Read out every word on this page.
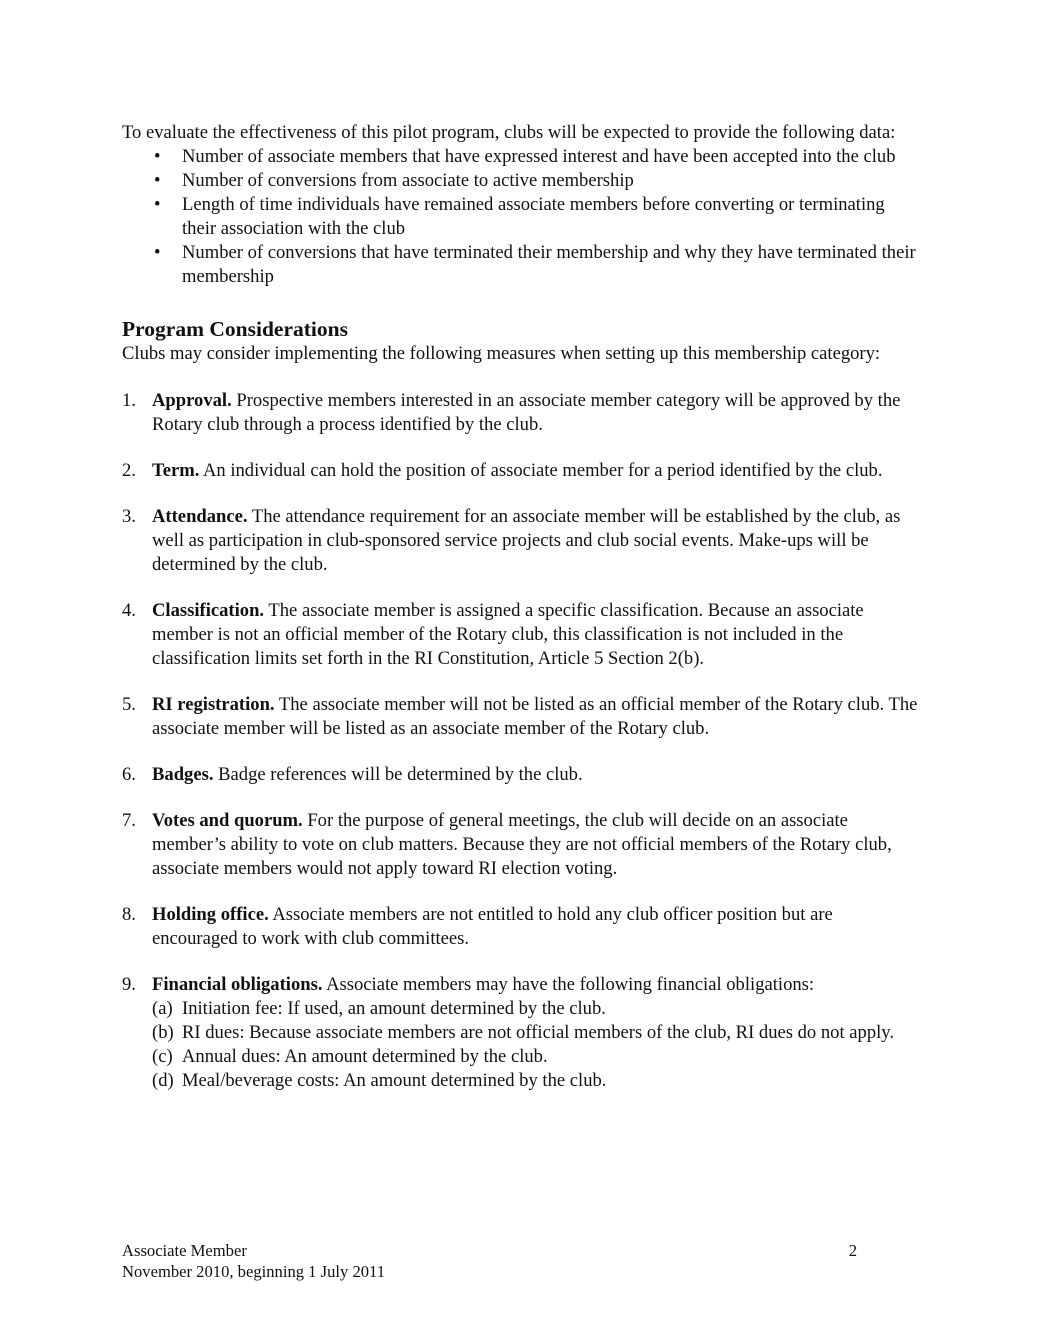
To evaluate the effectiveness of this pilot program, clubs will be expected to provide the following data:

• Number of associate members that have expressed interest and have been accepted into the club
• Number of conversions from associate to active membership
• Length of time individuals have remained associate members before converting or terminating their association with the club
• Number of conversions that have terminated their membership and why they have terminated their membership
Program Considerations

Clubs may consider implementing the following measures when setting up this membership category:

1. Approval. Prospective members interested in an associate member category will be approved by the Rotary club through a process identified by the club.
2. Term. An individual can hold the position of associate member for a period identified by the club.
3. Attendance. The attendance requirement for an associate member will be established by the club, as well as participation in club-sponsored service projects and club social events. Make-ups will be determined by the club.
4. Classification. The associate member is assigned a specific classification. Because an associate member is not an official member of the Rotary club, this classification is not included in the classification limits set forth in the RI Constitution, Article 5 Section 2(b).
5. RI registration. The associate member will not be listed as an official member of the Rotary club. The associate member will be listed as an associate member of the Rotary club.
6. Badges. Badge references will be determined by the club.
7. Votes and quorum. For the purpose of general meetings, the club will decide on an associate member’s ability to vote on club matters. Because they are not official members of the Rotary club, associate members would not apply toward RI election voting.
8. Holding office. Associate members are not entitled to hold any club officer position but are encouraged to work with club committees.
9. Financial obligations. Associate members may have the following financial obligations:
(a) Initiation fee: If used, an amount determined by the club.
(b) RI dues: Because associate members are not official members of the club, RI dues do not apply.
(c) Annual dues: An amount determined by the club.
(d) Meal/beverage costs: An amount determined by the club.
Associate Member
November 2010, beginning 1 July 2011
2
